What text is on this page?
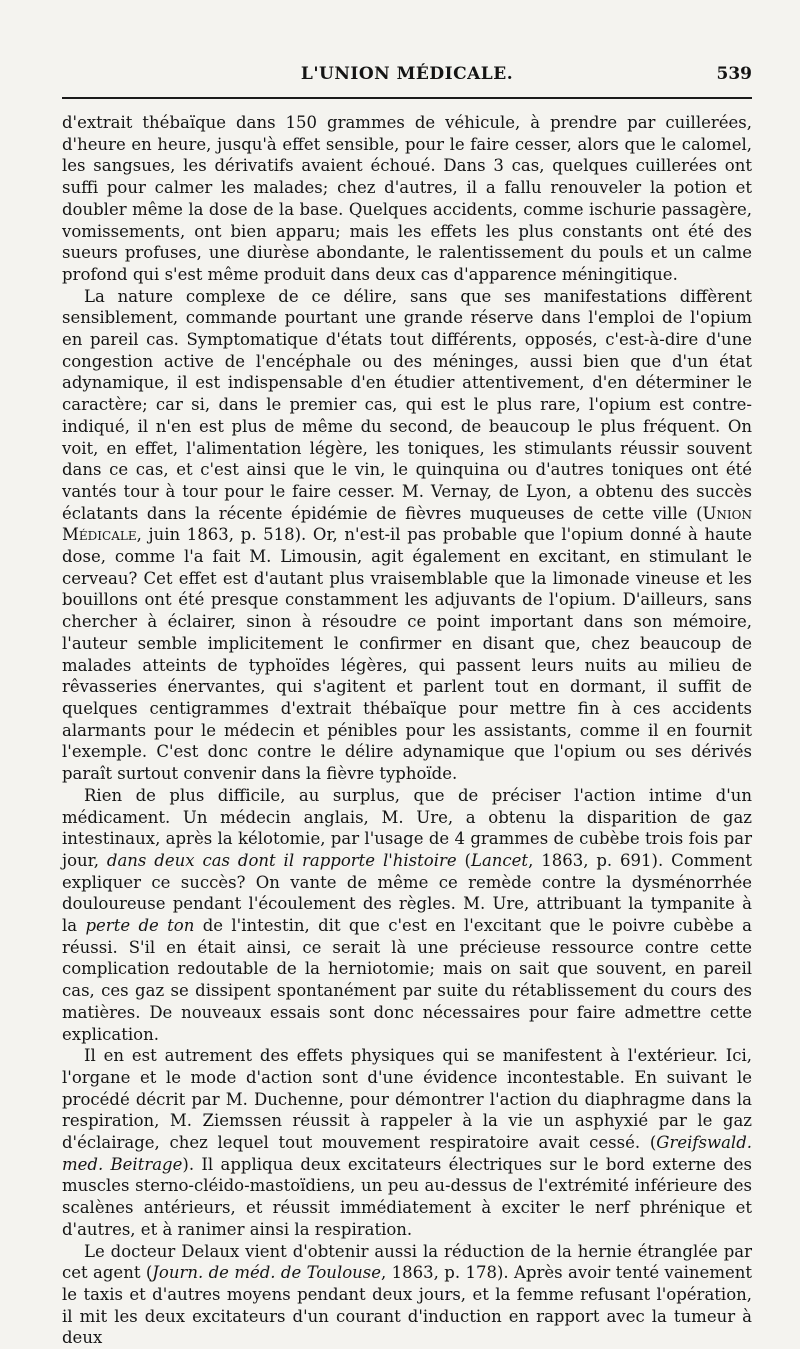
L'UNION MÉDICALE.	539

d'extrait thébaïque dans 150 grammes de véhicule, à prendre par cuillerées, d'heure en heure, jusqu'à effet sensible, pour le faire cesser, alors que le calomel, les sangsues, les dérivatifs avaient échoué. Dans 3 cas, quelques cuillerées ont suffi pour calmer les malades; chez d'autres, il a fallu renouveler la potion et doubler même la dose de la base. Quelques accidents, comme ischurie passagère, vomissements, ont bien apparu; mais les effets les plus constants ont été des sueurs profuses, une diurèse abondante, le ralentissement du pouls et un calme profond qui s'est même produit dans deux cas d'apparence méningitique.

La nature complexe de ce délire, sans que ses manifestations diffèrent sensiblement, commande pourtant une grande réserve dans l'emploi de l'opium en pareil cas. Symptomatique d'états tout différents, opposés, c'est-à-dire d'une congestion active de l'encéphale ou des méninges, aussi bien que d'un état adynamique, il est indispensable d'en étudier attentivement, d'en déterminer le caractère; car si, dans le premier cas, qui est le plus rare, l'opium est contre-indiqué, il n'en est plus de même du second, de beaucoup le plus fréquent. On voit, en effet, l'alimentation légère, les toniques, les stimulants réussir souvent dans ce cas, et c'est ainsi que le vin, le quinquina ou d'autres toniques ont été vantés tour à tour pour le faire cesser. M. Vernay, de Lyon, a obtenu des succès éclatants dans la récente épidémie de fièvres muqueuses de cette ville (Union Médicale, juin 1863, p. 518). Or, n'est-il pas probable que l'opium donné à haute dose, comme l'a fait M. Limousin, agit également en excitant, en stimulant le cerveau? Cet effet est d'autant plus vraisemblable que la limonade vineuse et les bouillons ont été presque constamment les adjuvants de l'opium. D'ailleurs, sans chercher à éclairer, sinon à résoudre ce point important dans son mémoire, l'auteur semble implicitement le confirmer en disant que, chez beaucoup de malades atteints de typhoïdes légères, qui passent leurs nuits au milieu de rêvasseries énervantes, qui s'agitent et parlent tout en dormant, il suffit de quelques centigrammes d'extrait thébaïque pour mettre fin à ces accidents alarmants pour le médecin et pénibles pour les assistants, comme il en fournit l'exemple. C'est donc contre le délire adynamique que l'opium ou ses dérivés paraît surtout convenir dans la fièvre typhoïde.

Rien de plus difficile, au surplus, que de préciser l'action intime d'un médicament. Un médecin anglais, M. Ure, a obtenu la disparition de gaz intestinaux, après la kélotomie, par l'usage de 4 grammes de cubèbe trois fois par jour, dans deux cas dont il rapporte l'histoire (Lancet, 1863, p. 691). Comment expliquer ce succès? On vante de même ce remède contre la dysménorrhée douloureuse pendant l'écoulement des règles. M. Ure, attribuant la tympanite à la perte de ton de l'intestin, dit que c'est en l'excitant que le poivre cubèbe a réussi. S'il en était ainsi, ce serait là une précieuse ressource contre cette complication redoutable de la herniotomie; mais on sait que souvent, en pareil cas, ces gaz se dissipent spontanément par suite du rétablissement du cours des matières. De nouveaux essais sont donc nécessaires pour faire admettre cette explication.

Il en est autrement des effets physiques qui se manifestent à l'extérieur. Ici, l'organe et le mode d'action sont d'une évidence incontestable. En suivant le procédé décrit par M. Duchenne, pour démontrer l'action du diaphragme dans la respiration, M. Ziemssen réussit à rappeler à la vie un asphyxié par le gaz d'éclairage, chez lequel tout mouvement respiratoire avait cessé. (Greifswald. med. Beitrage). Il appliqua deux excitateurs électriques sur le bord externe des muscles sterno-cléido-mastoïdiens, un peu au-dessus de l'extrémité inférieure des scalènes antérieurs, et réussit immédiatement à exciter le nerf phrénique et d'autres, et à ranimer ainsi la respiration.

Le docteur Delaux vient d'obtenir aussi la réduction de la hernie étranglée par cet agent (Journ. de méd. de Toulouse, 1863, p. 178). Après avoir tenté vainement le taxis et d'autres moyens pendant deux jours, et la femme refusant l'opération, il mit les deux excitateurs d'un courant d'induction en rapport avec la tumeur à deux
